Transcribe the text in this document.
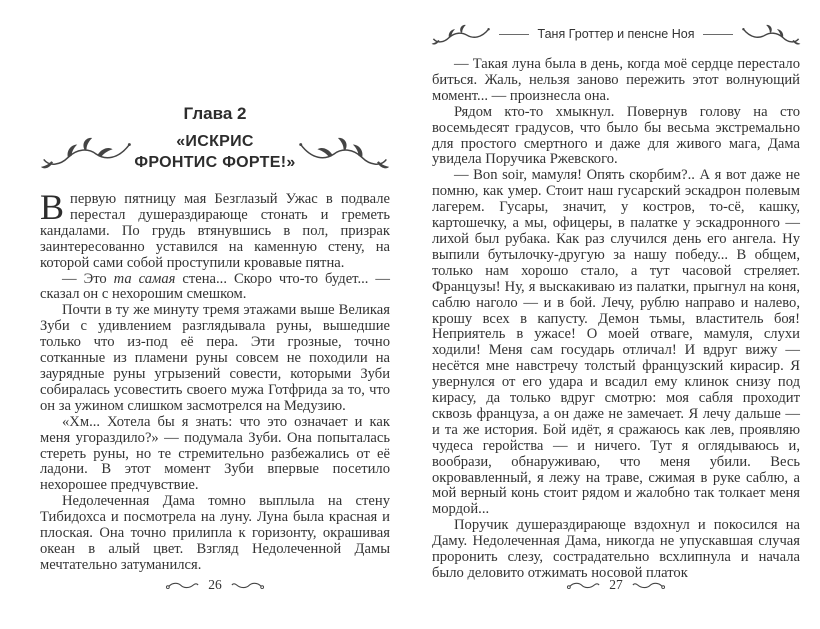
Таня Гроттер и пенсне Ноя
Глава 2
«ИСКРИС ФРОНТИС ФОРТЕ!»

Впервую пятницу мая Безглазый Ужас в подвале перестал душераздирающе стонать и греметь кандалами. По грудь втянувшись в пол, призрак заинтересованно уставился на каменную стену, на которой сами собой проступили кровавые пятна.

— Это та самая стена... Скоро что-то будет... — сказал он с нехорошим смешком.

Почти в ту же минуту тремя этажами выше Великая Зуби с удивлением разглядывала руны, вышедшие только что из-под её пера. Эти грозные, точно сотканные из пламени руны совсем не походили на заурядные руны угрызений совести, которыми Зуби собиралась усовестить своего мужа Готфрида за то, что он за ужином слишком засмотрелся на Медузию.

«Хм... Хотела бы я знать: что это означает и как меня угораздило?» — подумала Зуби. Она попыталась стереть руны, но те стремительно разбежались от её ладони. В этот момент Зуби впервые посетило нехорошее предчувствие.

Недолеченная Дама томно выплыла на стену Тибидохса и посмотрела на луну. Луна была красная и плоская. Она точно прилипла к горизонту, окрашивая океан в алый цвет. Взгляд Недолеченной Дамы мечтательно затуманился.

26

— Такая луна была в день, когда моё сердце перестало биться. Жаль, нельзя заново пережить этот волнующий момент... — произнесла она.

Рядом кто-то хмыкнул. Повернув голову на сто восемьдесят градусов, что было бы весьма экстремально для простого смертного и даже для живого мага, Дама увидела Поручика Ржевского.

— Bon soir, мамуля! Опять скорбим?.. А я вот даже не помню, как умер. Стоит наш гусарский эскадрон полевым лагерем. Гусары, значит, у костров, то-сё, кашку, картошечку, а мы, офицеры, в палатке у эскадронного — лихой был рубака. Как раз случился день его ангела. Ну выпили бутылочку-другую за нашу победу... В общем, только нам хорошо стало, а тут часовой стреляет. Французы! Ну, я выскакиваю из палатки, прыгнул на коня, саблю наголо — и в бой. Лечу, рублю направо и налево, крошу всех в капусту. Демон тьмы, властитель боя! Неприятель в ужасе! О моей отваге, мамуля, слухи ходили! Меня сам государь отличал! И вдруг вижу — несётся мне навстречу толстый французский кирасир. Я увернулся от его удара и всадил ему клинок снизу под кирасу, да только вдруг смотрю: моя сабля проходит сквозь француза, а он даже не замечает. Я лечу дальше — и та же история. Бой идёт, я сражаюсь как лев, проявляю чудеса геройства — и ничего. Тут я оглядываюсь и, вообрази, обнаруживаю, что меня убили. Весь окровавленный, я лежу на траве, сжимая в руке саблю, а мой верный конь стоит рядом и жалобно так толкает меня мордой...

Поручик душераздирающе вздохнул и покосился на Даму. Недолеченная Дама, никогда не упускавшая случая проронить слезу, сострадательно всхлипнула и начала было деловито отжимать носовой платок

27
